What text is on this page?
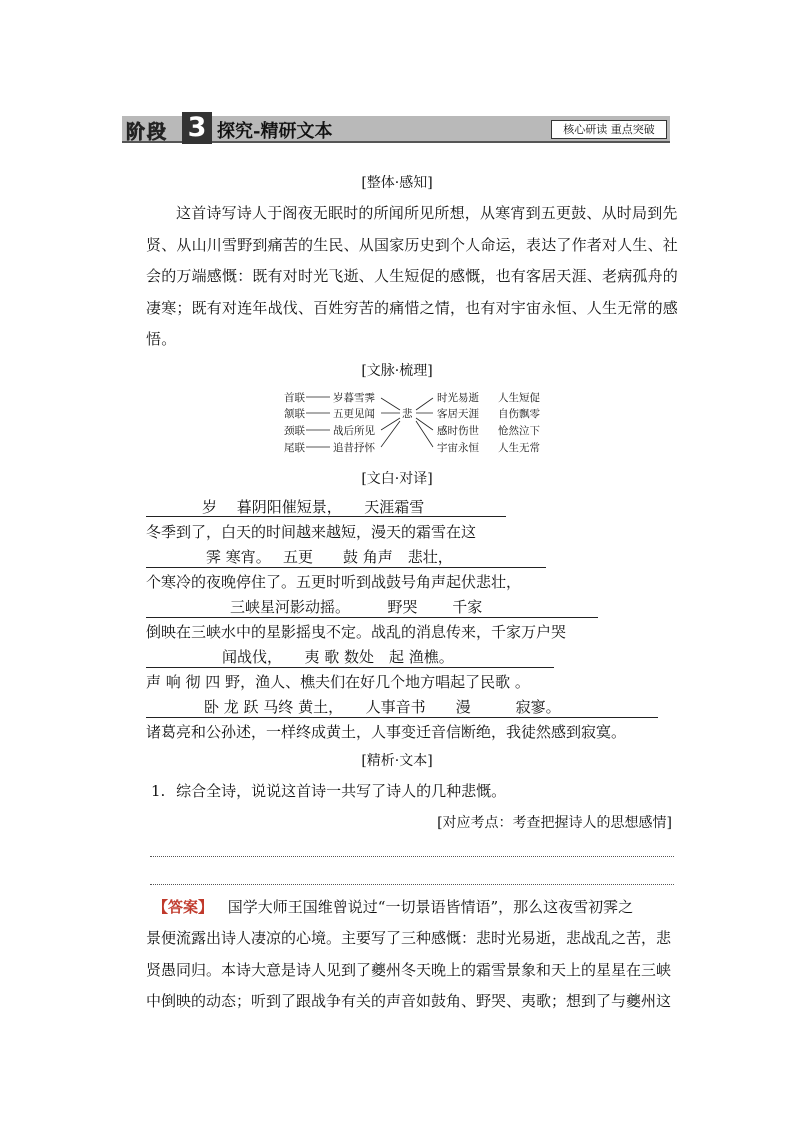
阶段 3 探究-精研文本	核心研读 重点突破
[整体·感知]
这首诗写诗人于阁夜无眠时的所闻所见所想，从寒宵到五更鼓、从时局到先贤、从山川雪野到痛苦的生民、从国家历史到个人命运，表达了作者对人生、社会的万端感慨：既有对时光飞逝、人生短促的感慨，也有客居天涯、老病孤舟的凄寒；既有对连年战伐、百姓穷苦的痛惜之情，也有对宇宙永恒、人生无常的感悟。
[文脉·梳理]
首联
颔联
颈联
尾联
岁暮雪霁
五更见闻
战后所见
追昔抒怀
悲
时光易逝
客居天涯
感时伤世
宇宙永恒
人生短促
自伤飘零
怆然泣下
人生无常
[文白·对译]
岁　 暮阴阳催短景，　　天涯霜雪
冬季到了，白天的时间越来越短，漫天的霜雪在这
霁 寒宵。　 五更　　鼓 角声　悲壮，
个寒冷的夜晚停住了。五更时听到战鼓号角声起伏悲壮，
三峡星河影动摇。　　　野哭　　 千家
倒映在三峡水中的星影摇曳不定。战乱的消息传来，千家万户哭
闻战伐，　　夷 歌 数处　起 渔樵。
声 响 彻 四 野，渔人、樵夫们在好几个地方唱起了民歌 。
卧 龙 跃 马终 黄土，　　人事音书　　漫　　　寂寥。
诸葛亮和公孙述，一样终成黄土，人事变迁音信断绝，我徒然感到寂寞。
[精析·文本]
1. 综合全诗，说说这首诗一共写了诗人的几种悲慨。
[对应考点：考查把握诗人的思想感情]
【答案】 国学大师王国维曾说过“一切景语皆情语”，那么这夜雪初霁之
景便流露出诗人凄凉的心境。主要写了三种感慨：悲时光易逝，悲战乱之苦，悲
贤愚同归。本诗大意是诗人见到了夔州冬天晚上的霜雪景象和天上的星星在三峡
中倒映的动态；听到了跟战争有关的声音如鼓角、野哭、夷歌；想到了与夔州这
